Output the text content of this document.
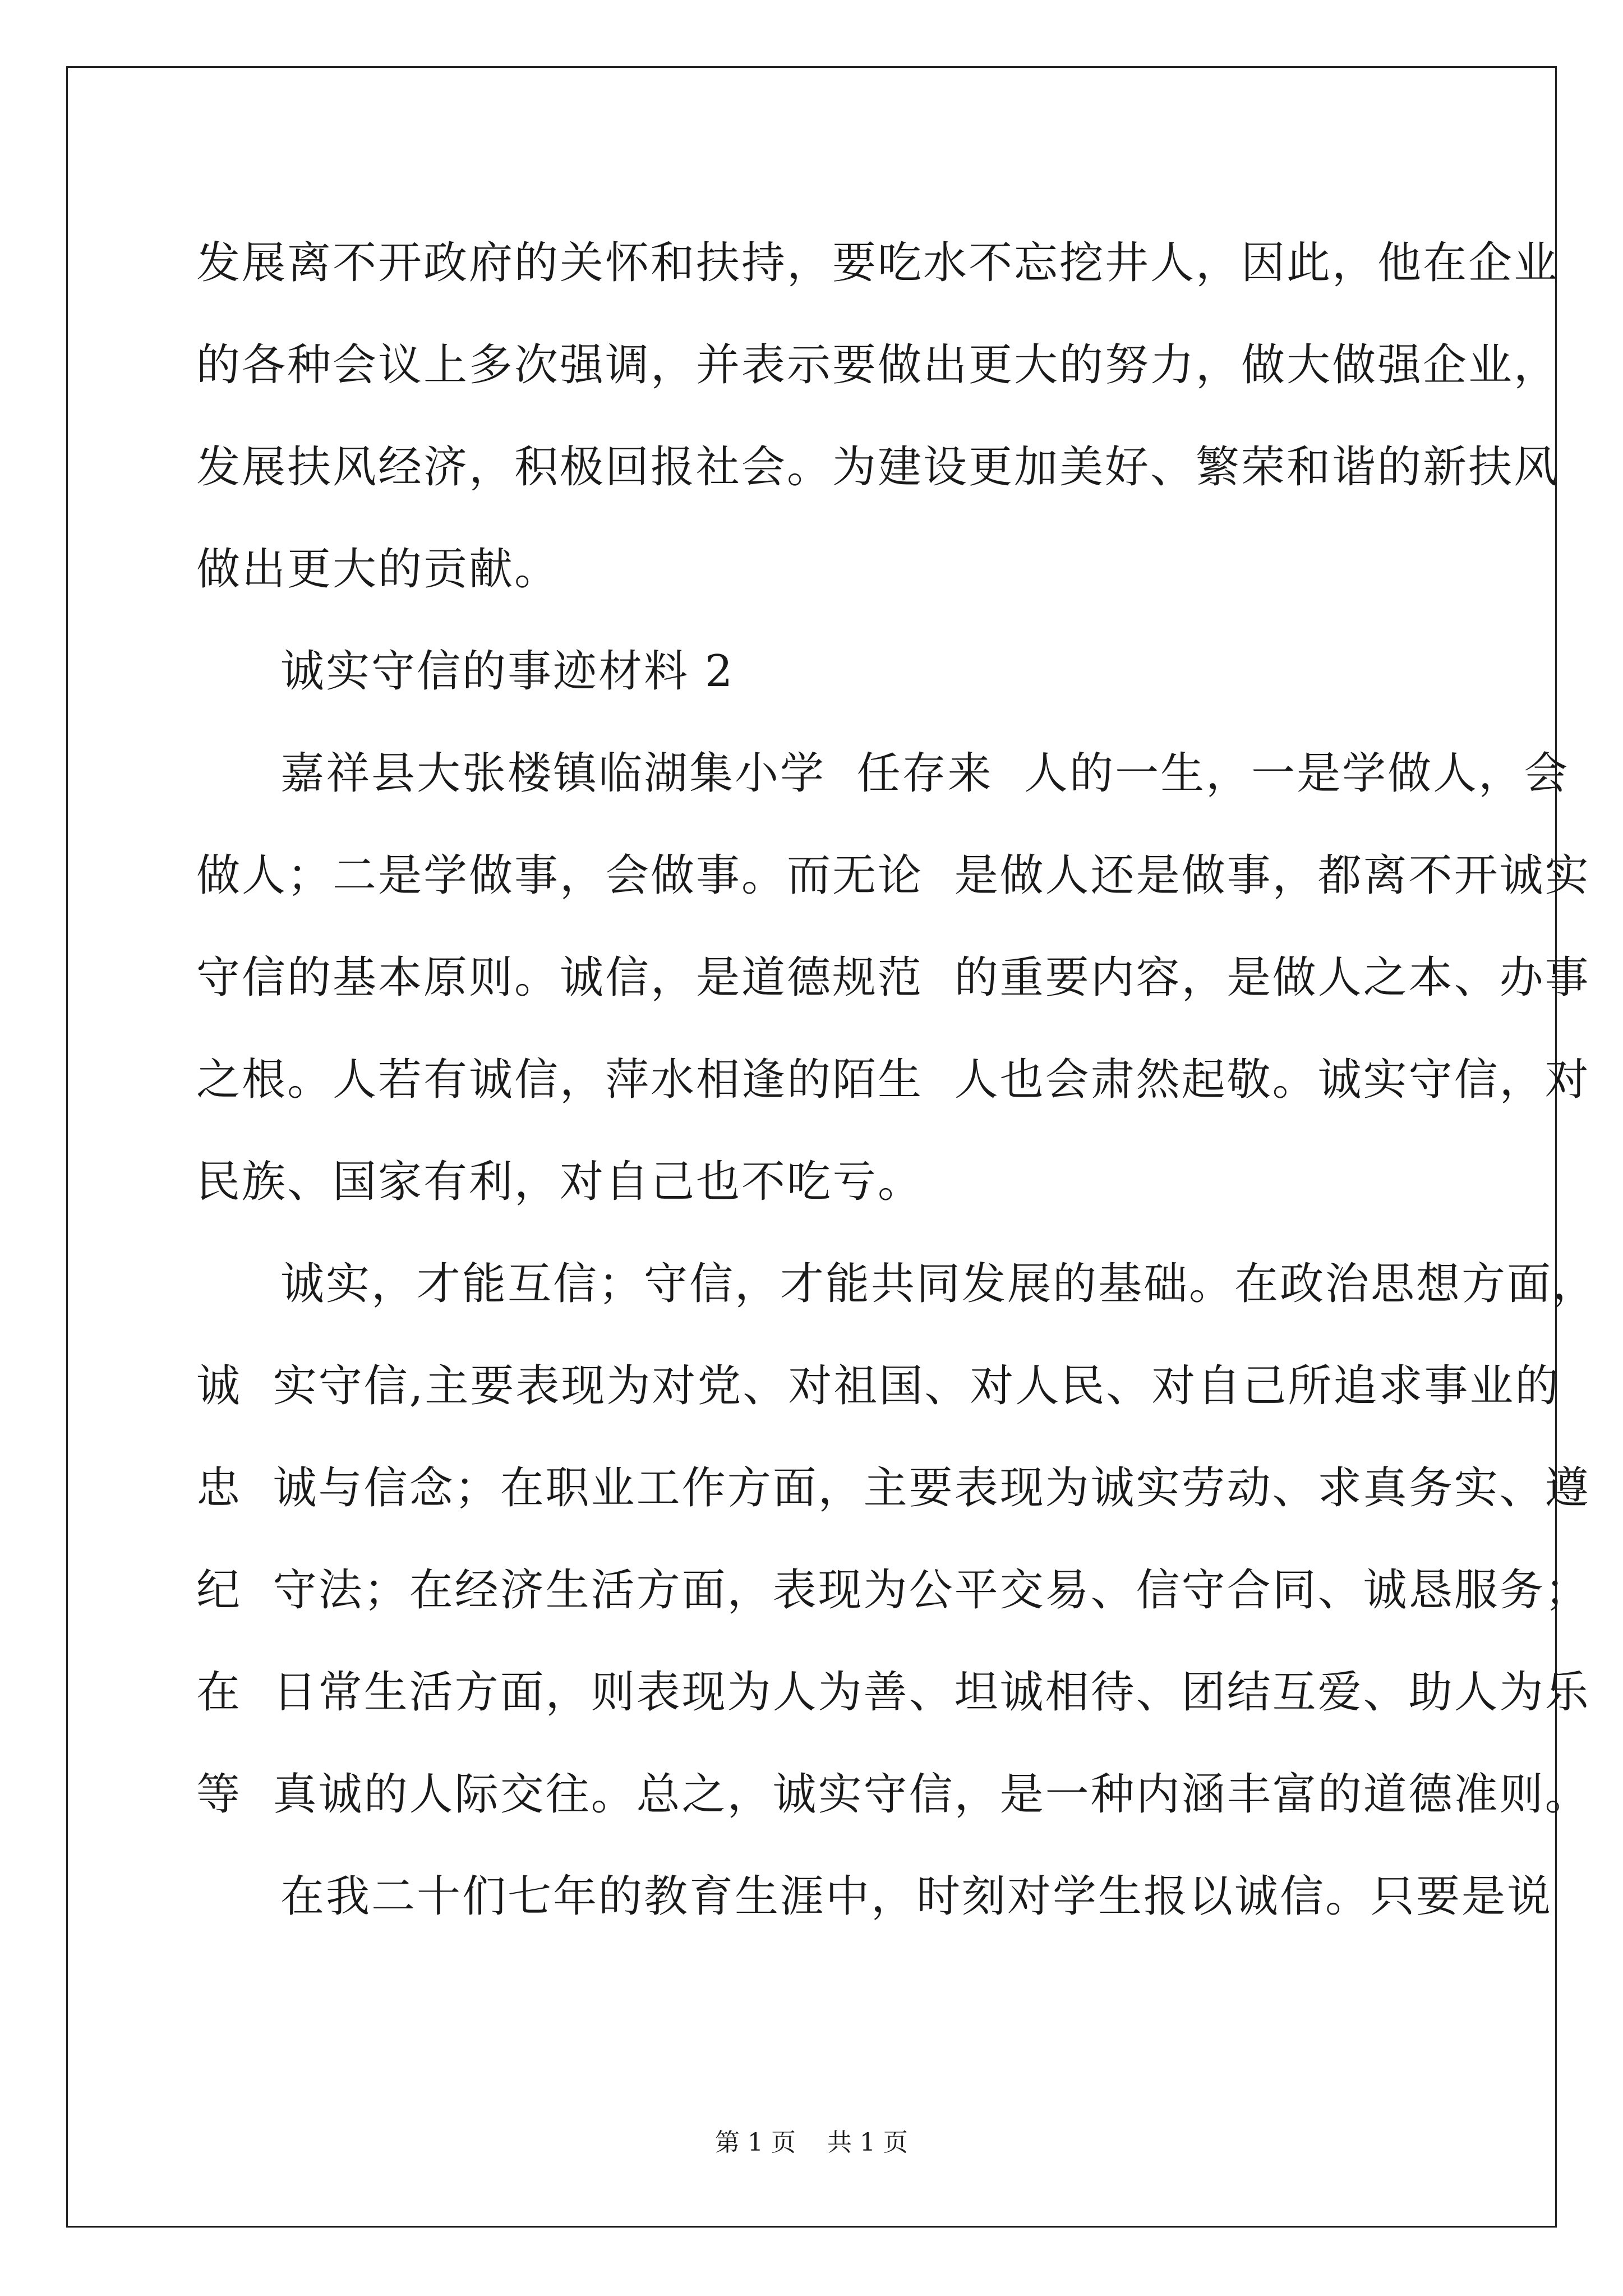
发展离不开政府的关怀和扶持，要吃水不忘挖井人，因此，他在企业
的各种会议上多次强调，并表示要做出更大的努力，做大做强企业，
发展扶风经济，积极回报社会。为建设更加美好、繁荣和谐的新扶风
做出更大的贡献。
诚实守信的事迹材料 2
嘉祥县大张楼镇临湖集小学  任存来  人的一生，一是学做人，会
做人；二是学做事，会做事。而无论  是做人还是做事，都离不开诚实
守信的基本原则。诚信，是道德规范  的重要内容，是做人之本、办事
之根。人若有诚信，萍水相逢的陌生  人也会肃然起敬。诚实守信，对
民族、国家有利，对自己也不吃亏。
诚实，才能互信；守信，才能共同发展的基础。在政治思想方面，
诚  实守信,主要表现为对党、对祖国、对人民、对自己所追求事业的
忠  诚与信念；在职业工作方面，主要表现为诚实劳动、求真务实、遵
纪  守法；在经济生活方面，表现为公平交易、信守合同、诚恳服务；
在  日常生活方面，则表现为人为善、坦诚相待、团结互爱、助人为乐
等  真诚的人际交往。总之，诚实守信，是一种内涵丰富的道德准则。
在我二十们七年的教育生涯中，时刻对学生报以诚信。只要是说
第 1 页    共 1 页
